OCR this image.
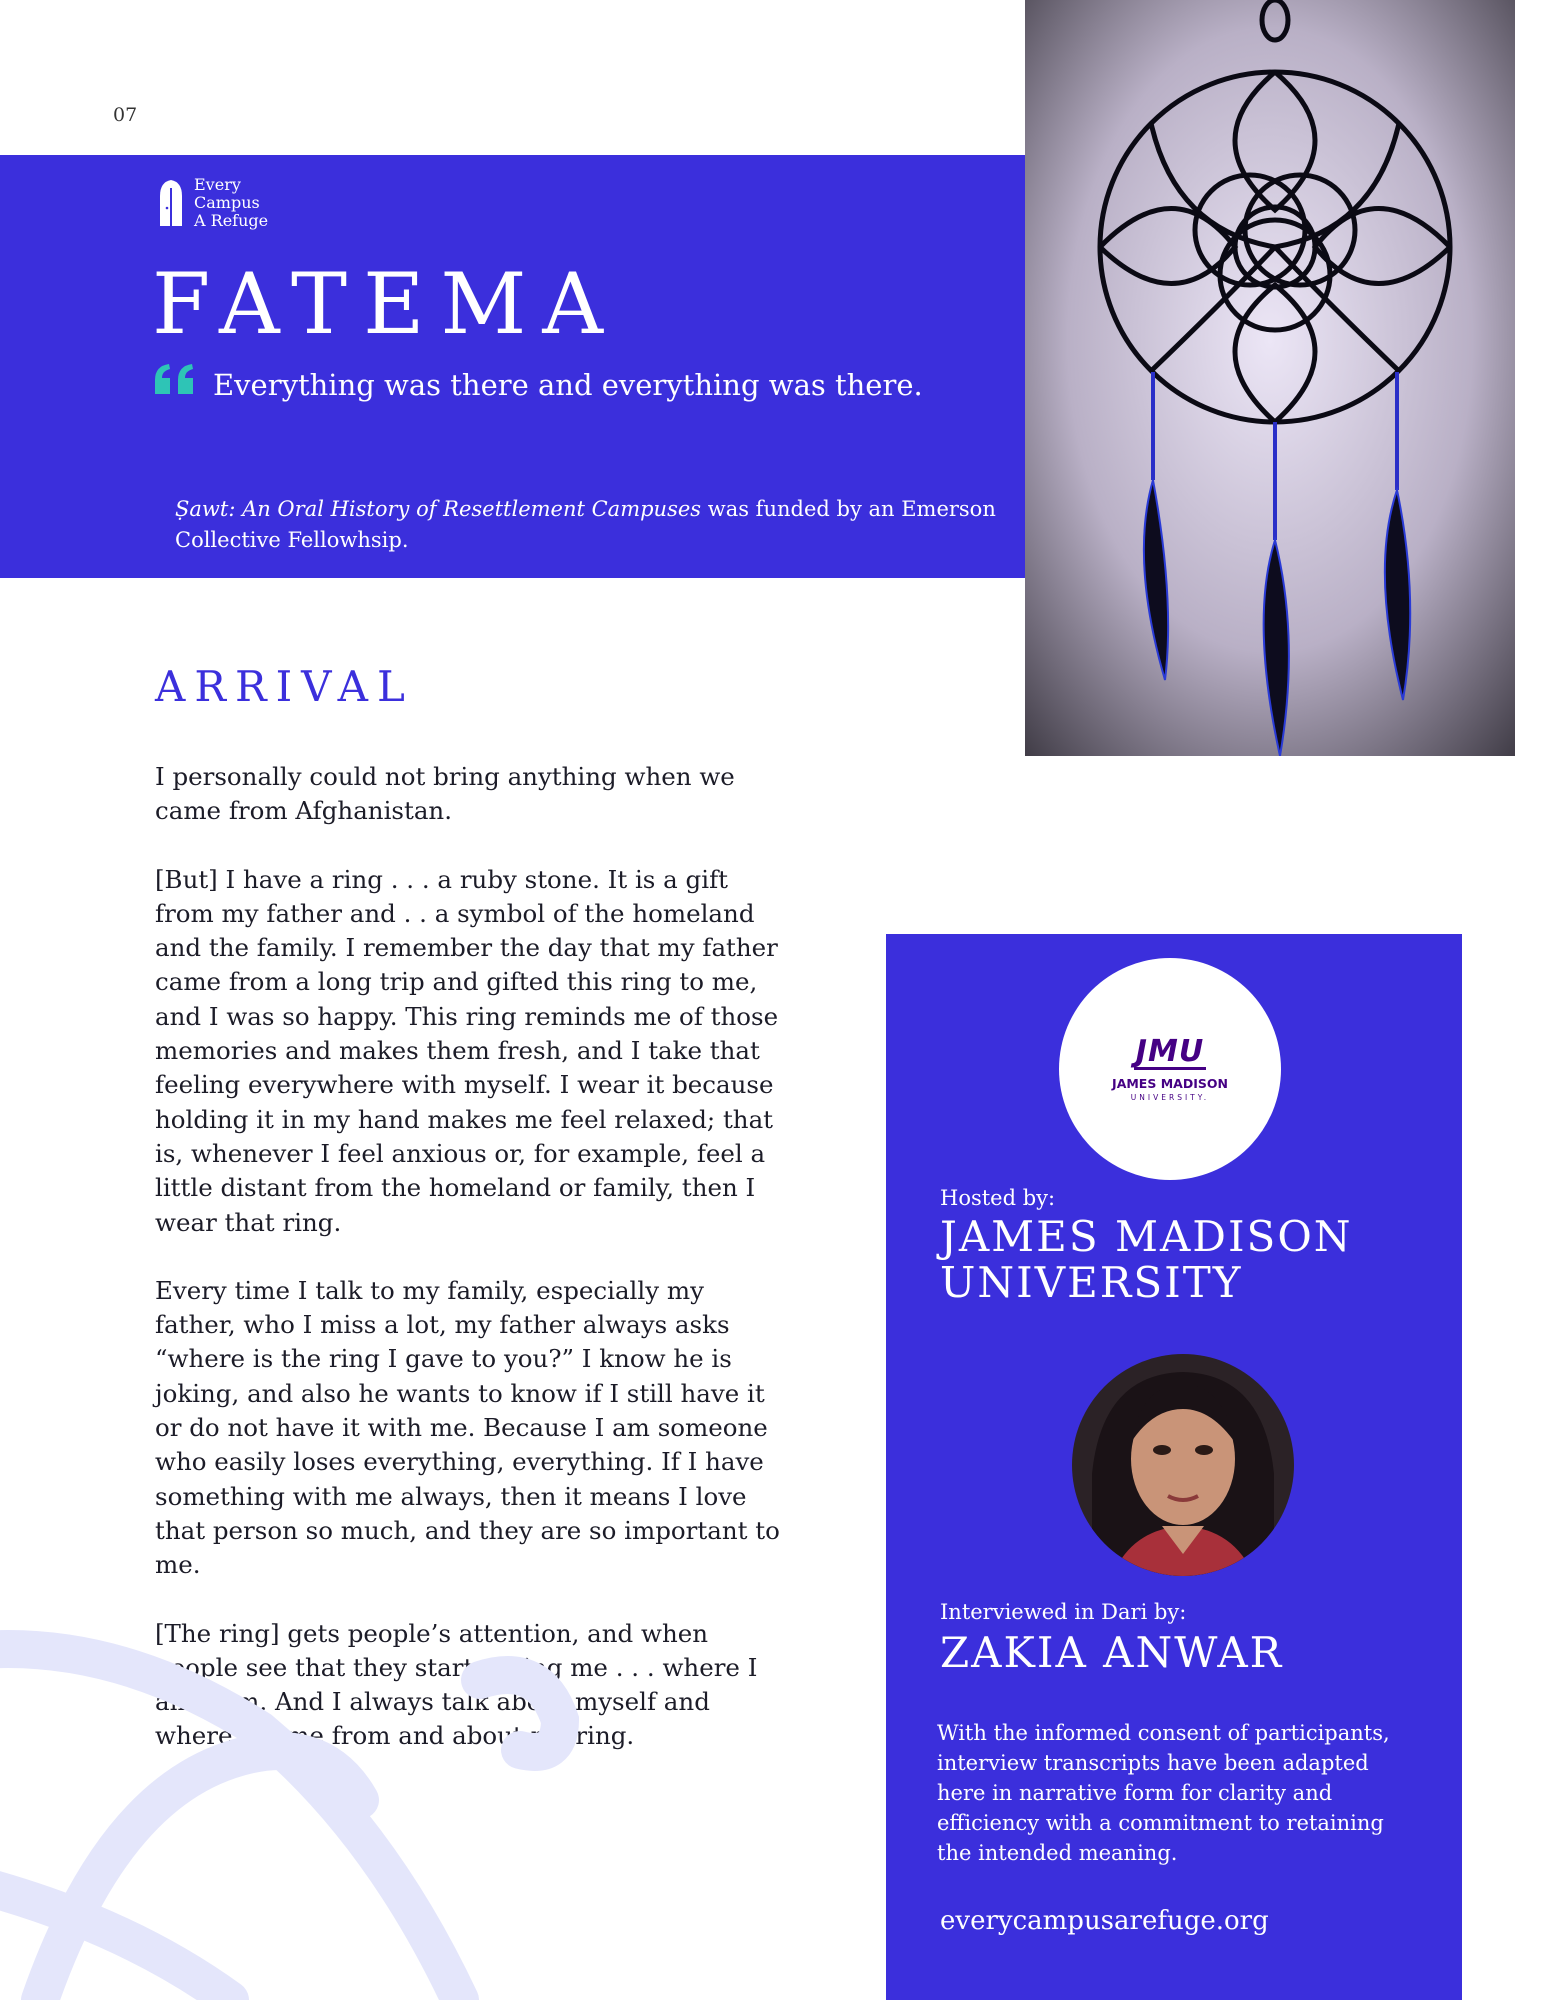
07
Every
Campus
A Refuge
FATEMA
Everything was there and everything was there.
Ṣawt: An Oral History of Resettlement Campuses was funded by an Emerson Collective Fellowhsip.
ARRIVAL

I personally could not bring anything when we came from Afghanistan.

[But] I have a ring . . . a ruby stone. It is a gift from my father and . . a symbol of the homeland and the family. I remember the day that my father came from a long trip and gifted this ring to me, and I was so happy. This ring reminds me of those memories and makes them fresh, and I take that feeling everywhere with myself. I wear it because holding it in my hand makes me feel relaxed; that is, whenever I feel anxious or, for example, feel a little distant from the homeland or family, then I wear that ring.

Every time I talk to my family, especially my father, who I miss a lot, my father always asks “where is the ring I gave to you?” I know he is joking, and also he wants to know if I still have it or do not have it with me. Because I am someone who easily loses everything, everything. If I have something with me always, then it means I love that person so much, and they are so important to me.

[The ring] gets people’s attention, and when people see that they start asking me . . . where I am from. And I always talk about myself and where I come from and about my ring.

JMU
JAMES MADISON
UNIVERSITY.
Hosted by:
JAMES MADISON UNIVERSITY
Interviewed in Dari by:
ZAKIA ANWAR
With the informed consent of participants, interview transcripts have been adapted here in narrative form for clarity and efficiency with a commitment to retaining the intended meaning.
everycampusarefuge.org
